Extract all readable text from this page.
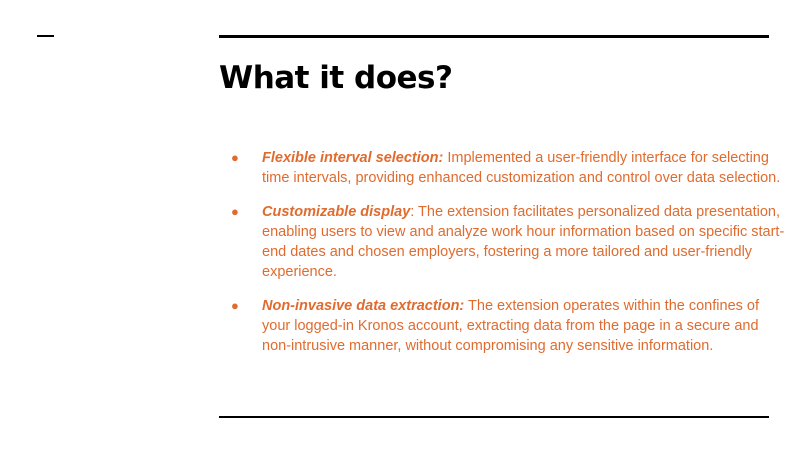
What it does?
● Flexible interval selection: Implemented a user-friendly interface for selecting time intervals, providing enhanced customization and control over data selection.
● Customizable display: The extension facilitates personalized data presentation, enabling users to view and analyze work hour information based on specific start-end dates and chosen employers, fostering a more tailored and user-friendly experience.
● Non-invasive data extraction: The extension operates within the confines of your logged-in Kronos account, extracting data from the page in a secure and non-intrusive manner, without compromising any sensitive information.
